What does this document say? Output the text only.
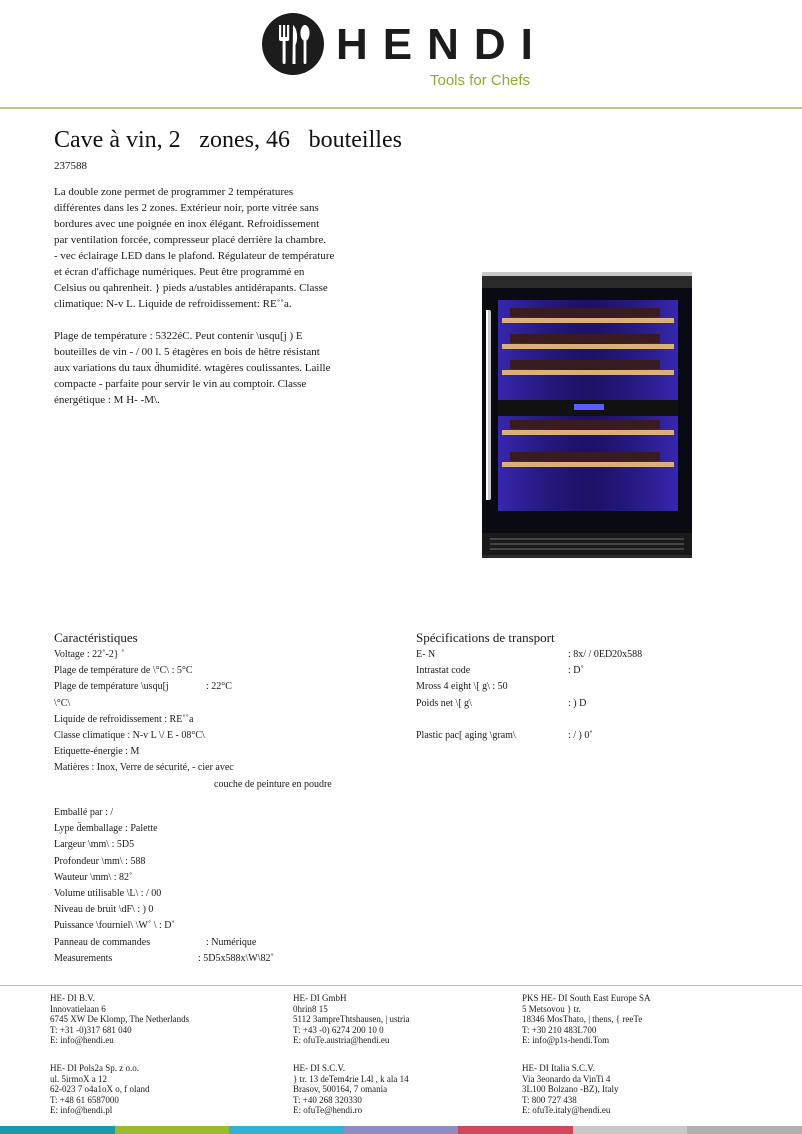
HENDI
Tools for Chefs
Cave à vin, 2 zones, 46 bouteilles
237588

La double zone permet de programmer 2 températures
différentes dans les 2 zones. Extérieur noir, porte vitrée sans
bordures avec une poignée en inox élégant. Refroidissement
par ventilation forcée, compresseur placé derrière la chambre.
- vec éclairage LED dans le plafond. Régulateur de température
et écran d'affichage numériques. Peut être programmé en
Celsius ou qahrenheit. } pieds a/ustables antidérapants. Classe
climatique: N-v L. Liquide de refroidissement: RE˚˚a.

Plage de température : 5322éC. Peut contenir \usqu[j ) E
bouteilles de vin - / 00 l. 5 étagères en bois de hêtre résistant
aux variations du taux d̈humidité. wtagères coulissantes. Laille
compacte - parfaite pour servir le vin au comptoir. Classe
énergétique : M H- -M\.

Caractéristiques
Voltage : 22˚-2} ˚
Plage de température de \°C\ : 5°C
Plage de température \usqu[j	: 22°C
\°C\
Liquide de refroidissement : RE˚˚a
Classe climatique : N-v L \/ E - 08°C\
Etiquette-énergie : M
Matières : Inox, Verre de sécurité, - cier avec
couche de peinture en poudre
Spécifications de transport
E- N	: 8x/ / 0ED20x588
Intrastat code	: D˚
Mross 4 eight \[ g\ : 50
Poids net \[ g\	: ) D
Plastic pac[ aging \gram\	: / ) 0˚
Emballé par : /
Lype d̈emballage : Palette
Largeur \mm\ : 5D5
Profondeur \mm\ : 588
Wauteur \mm\ : 82˚
Volume utilisable \L\ : / 00
Niveau de bruit \dF\ : ) 0
Puissance \fourniel\ \W˚ \ : D˚
Panneau de commandes	: Numérique
Measurements	: 5D5x588x\W\82˚
HE- DI B.V.
Innovatielaan 6
6745 XW De Klomp, The Netherlands
T: +31 -0)317 681 040
E: info@hendi.eu
HE- DI GmbH
0hrin8 15
5112 3ampreThtshausen, | ustria
T: +43 -0) 6274 200 10 0
E: ofuTe.austria@hendi.eu
PKS HE- DI South East Europe SA
5 Metsovou } tr.
18346 MosThato, | thens, { reeTe
T: +30 210 483L700
E: info@p1s-hendi.Tom
HE- DI Pols2a Sp. z o.o.
ul. 5irmoX a 12
62-023 7 o4a1oX o, f oland
T: +48 61 6587000
E: info@hendi.pl
HE- DI S.C.V.
} tr. 13 deTem4rie L4l , k ala 14
Brasov, 500164, 7 omania
T: +40 268 320330
E: ofuTe@hendi.ro
HE- DI Italia S.C.V.
Via 3eonardo da VinTi 4
3L100 Bolzano -BZ), Italy
T: 800 727 438
E: ofuTe.italy@hendi.eu
